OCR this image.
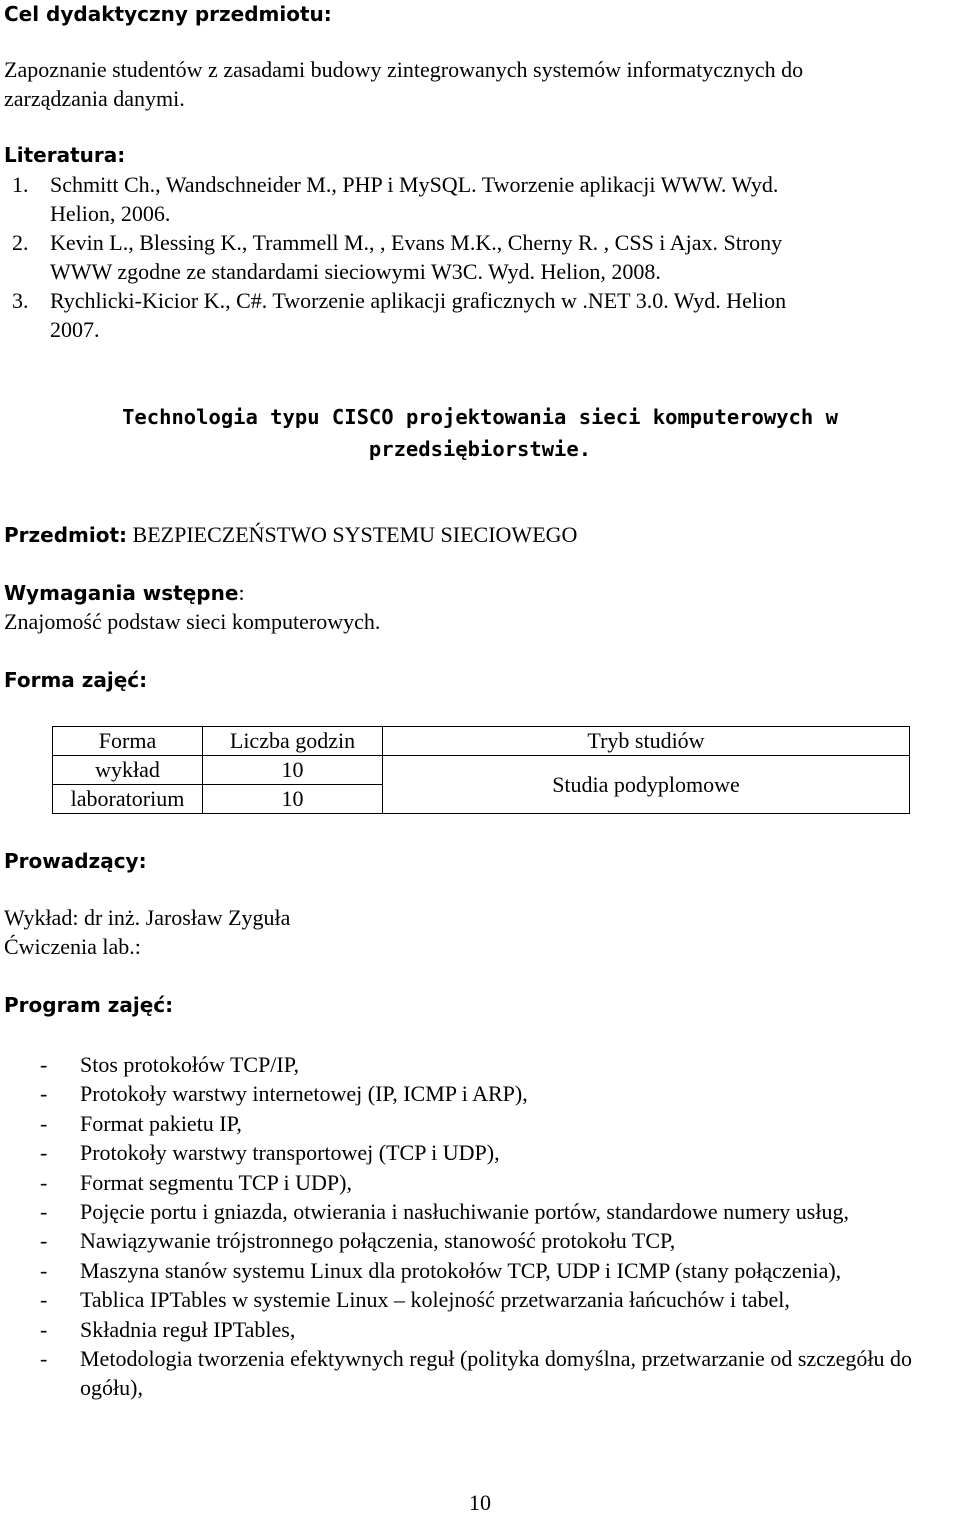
Cel dydaktyczny przedmiotu:
Zapoznanie studentów z zasadami budowy zintegrowanych systemów informatycznych do
zarządzania danymi.
Literatura:
1. Schmitt Ch., Wandschneider M., PHP i MySQL. Tworzenie aplikacji WWW. Wyd.
Helion, 2006.
2. Kevin L., Blessing K., Trammell M., , Evans M.K., Cherny R. , CSS i Ajax. Strony
WWW zgodne ze standardami sieciowymi W3C. Wyd. Helion, 2008.
3. Rychlicki-Kicior K., C#. Tworzenie aplikacji graficznych w .NET 3.0. Wyd. Helion
2007.
Technologia typu CISCO projektowania sieci komputerowych w
przedsiębiorstwie.
Przedmiot: BEZPIECZEŃSTWO SYSTEMU SIECIOWEGO
Wymagania wstępne:
Znajomość podstaw sieci komputerowych.
Forma zajęć:
Forma	Liczba godzin	Tryb studiów
wykład	10	Studia podyplomowe
laboratorium	10	
Prowadzący:
Wykład: dr inż. Jarosław Zyguła
Ćwiczenia lab.:
Program zajęć:
- Stos protokołów TCP/IP,
- Protokoły warstwy internetowej (IP, ICMP i ARP),
- Format pakietu IP,
- Protokoły warstwy transportowej (TCP i UDP),
- Format segmentu TCP i UDP),
- Pojęcie portu i gniazda, otwierania i nasłuchiwanie portów, standardowe numery usług,
- Nawiązywanie trójstronnego połączenia, stanowość protokołu TCP,
- Maszyna stanów systemu Linux dla protokołów TCP, UDP i ICMP (stany połączenia),
- Tablica IPTables w systemie Linux – kolejność przetwarzania łańcuchów i tabel,
- Składnia reguł IPTables,
- Metodologia tworzenia efektywnych reguł (polityka domyślna, przetwarzanie od szczegółu do ogółu),
10
